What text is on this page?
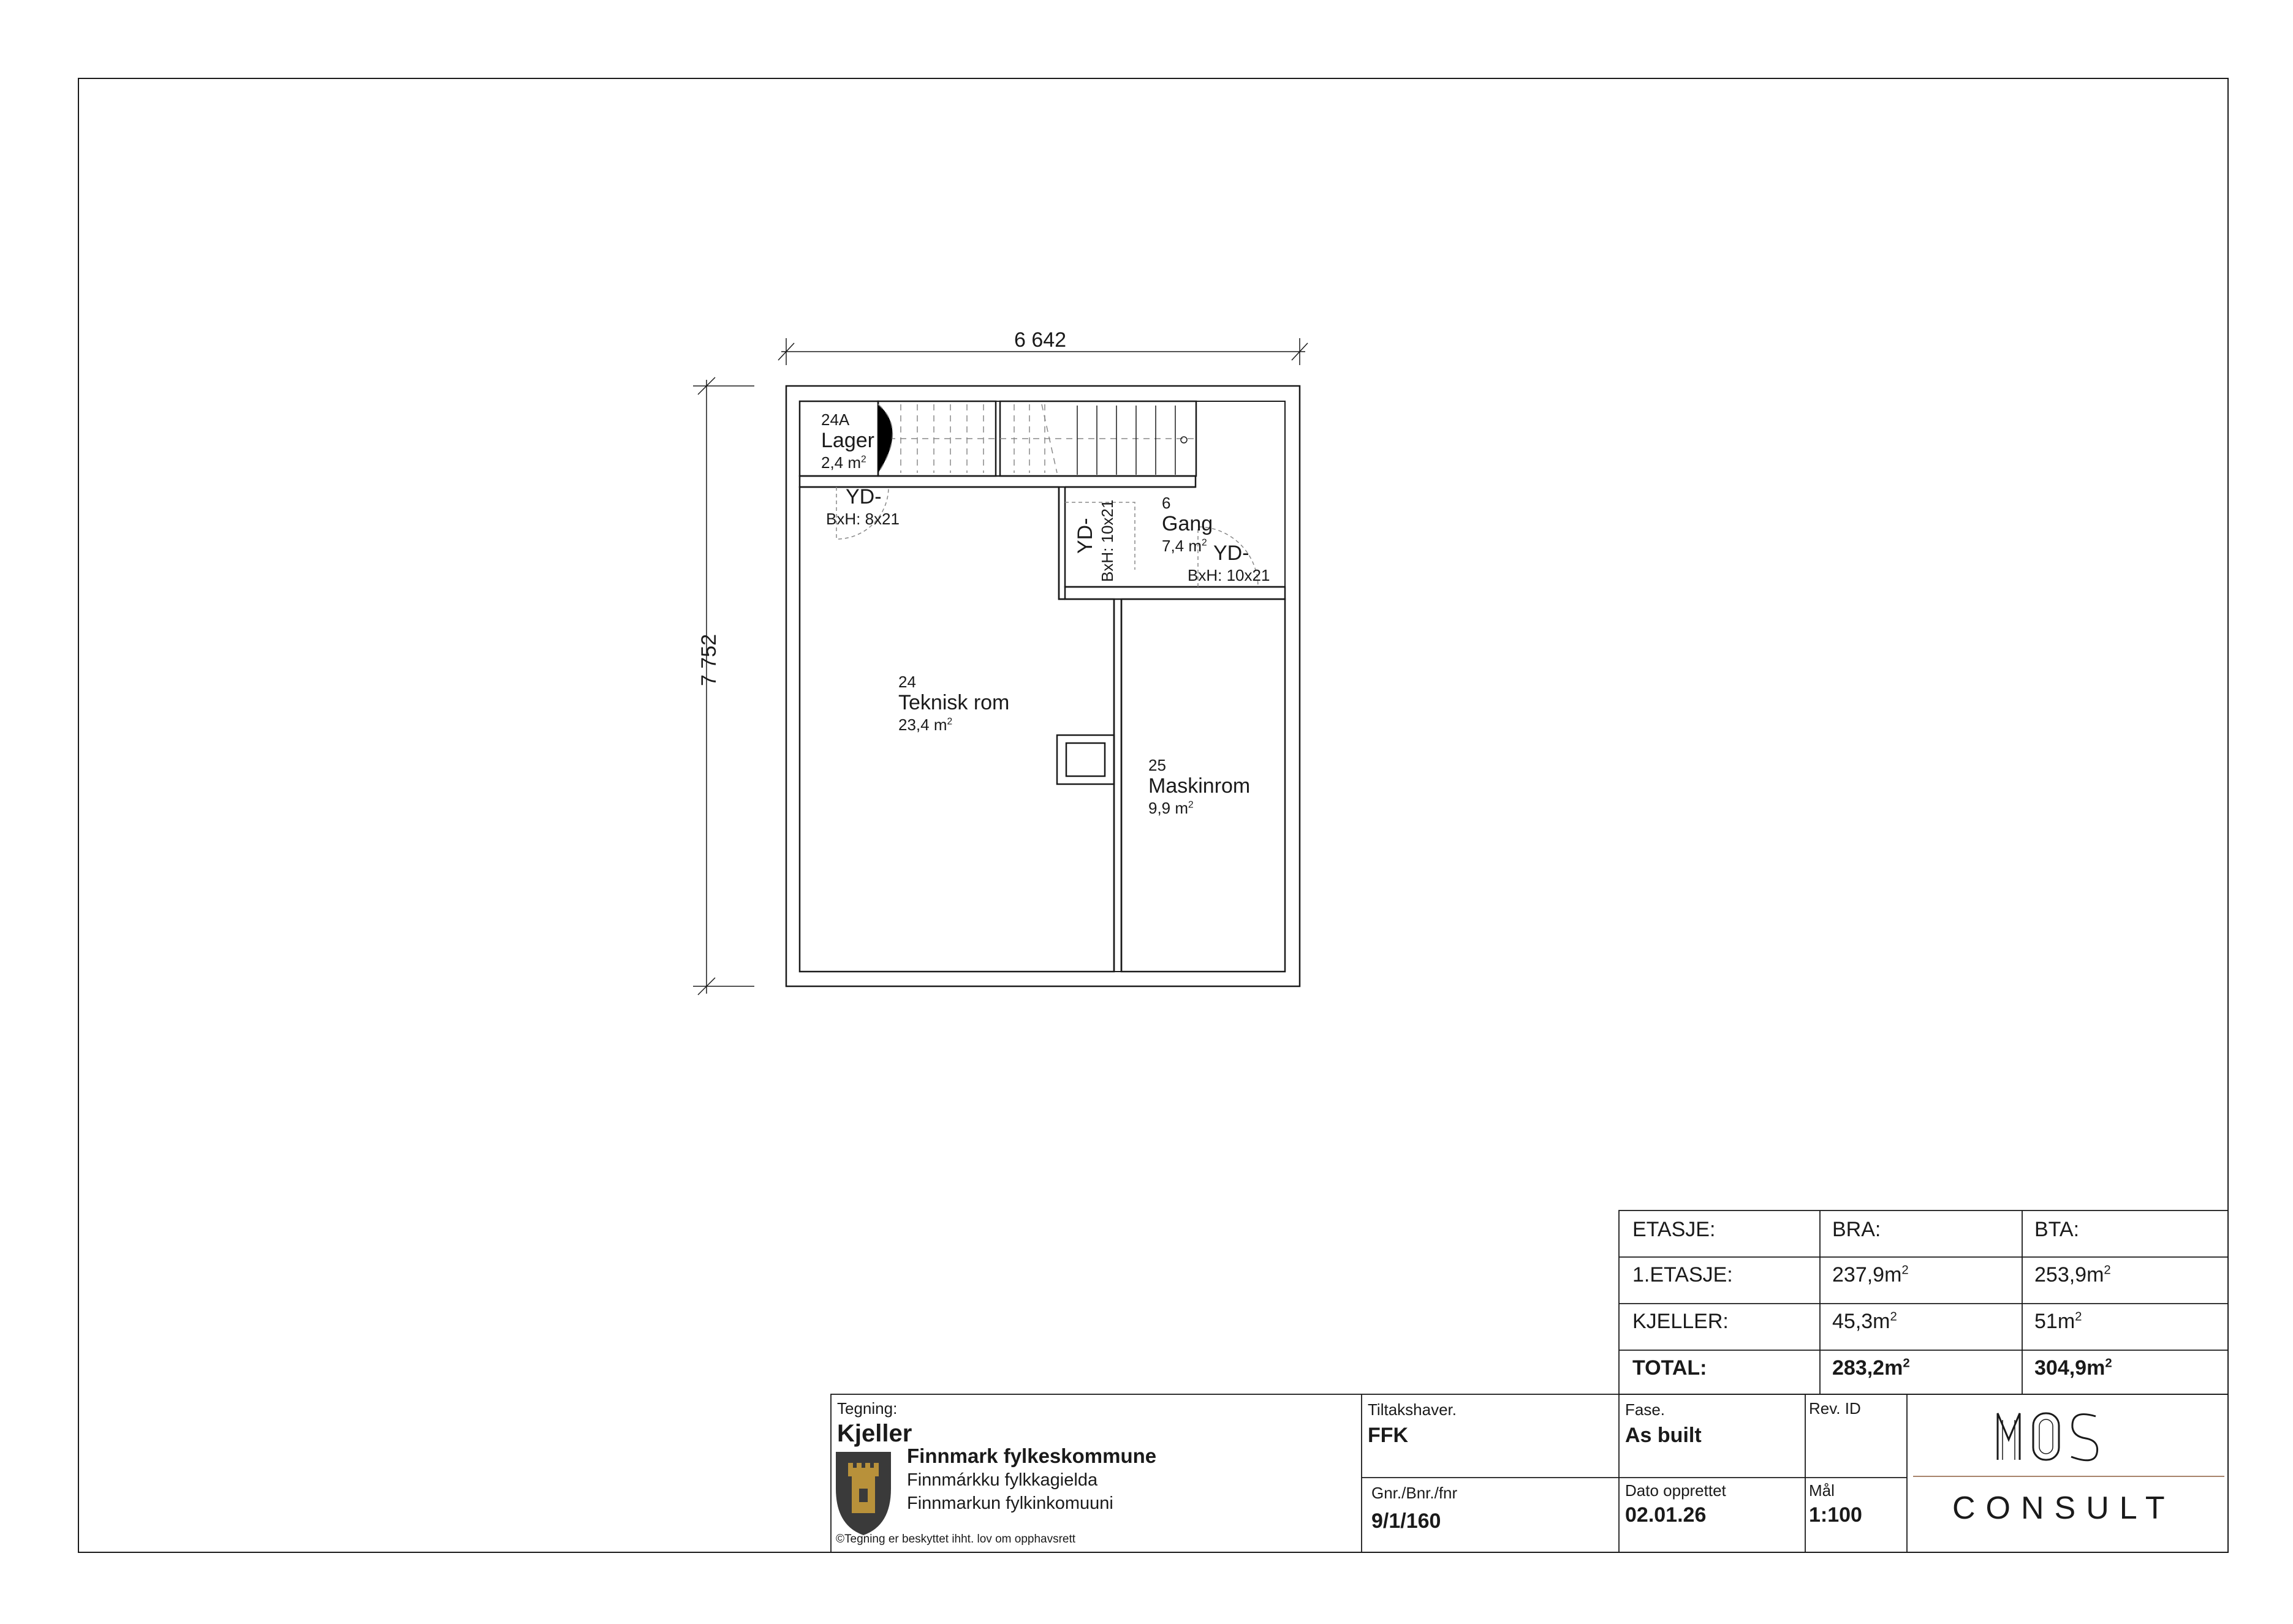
6 642
7 752
24A
Lager
2,4 $m^2$
6
Gang
7,4 $m^2$
24
Teknisk rom
23,4 $m^2$
25
Maskinrom
9,9 $m^2$
YD-
BxH: 8x21	YD- BxH: 10x21	YD-
BxH: 10x21
ETASJE:	BRA:	BTA:
1.ETASJE:	$237,9m^2$	$253,9m^2$
KJELLER:	$45,3m^2$	$51m^2$
TOTAL:	$283,2m^2$	$304,9m^2$
Tegning:
Kjeller
Finnmark fylkeskommune
Finnmárkku fylkkagielda
Finnmarkun fylkinkomuuni
©Tegning er beskyttet ihht. lov om opphavsrett
Tiltakshaver.
FFK
Gnr./Bnr./fnr
9/1/160
Fase.
As built
Dato opprettet
02.01.26
Rev. ID
Mål
1:100	CONSULT
